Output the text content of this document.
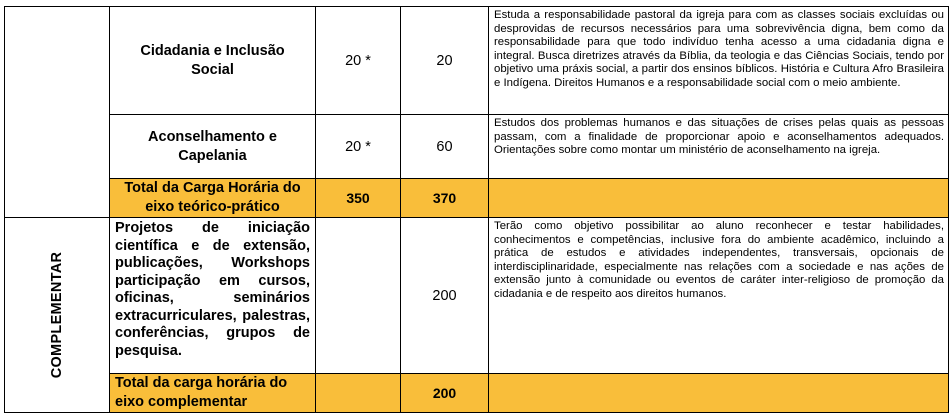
	Cidadania e Inclusão Social	20 *	20	Estuda a responsabilidade pastoral da igreja para com as classes sociais excluídas ou desprovidas de recursos necessários para uma sobrevivência digna, bem como da responsabilidade para que todo indivíduo tenha acesso a uma cidadania digna e integral. Busca diretrizes através da Bíblia, da teologia e das Ciências Sociais, tendo por objetivo uma práxis social, a partir dos ensinos bíblicos. História e Cultura Afro Brasileira e Indígena. Direitos Humanos e a responsabilidade social com o meio ambiente.
	Aconselhamento e Capelania	20 *	60	Estudos dos problemas humanos e das situações de crises pelas quais as pessoas passam, com a finalidade de proporcionar apoio e aconselhamentos adequados. Orientações sobre como montar um ministério de aconselhamento na igreja.
	Total da Carga Horária do eixo teórico-prático	350	370	

COMPLEMENTAR	Projetos de iniciação científica e de extensão, publicações, Workshops participação em cursos, oficinas, seminários extracurriculares, palestras, conferências, grupos de pesquisa.		200	Terão como objetivo possibilitar ao aluno reconhecer e testar habilidades, conhecimentos e competências, inclusive fora do ambiente acadêmico, incluindo a prática de estudos e atividades independentes, transversais, opcionais de interdisciplinaridade, especialmente nas relações com a sociedade e nas ações de extensão junto à comunidade ou eventos de caráter inter-religioso de promoção da cidadania e de respeito aos direitos humanos.
	Total da carga horária do eixo complementar		200	
